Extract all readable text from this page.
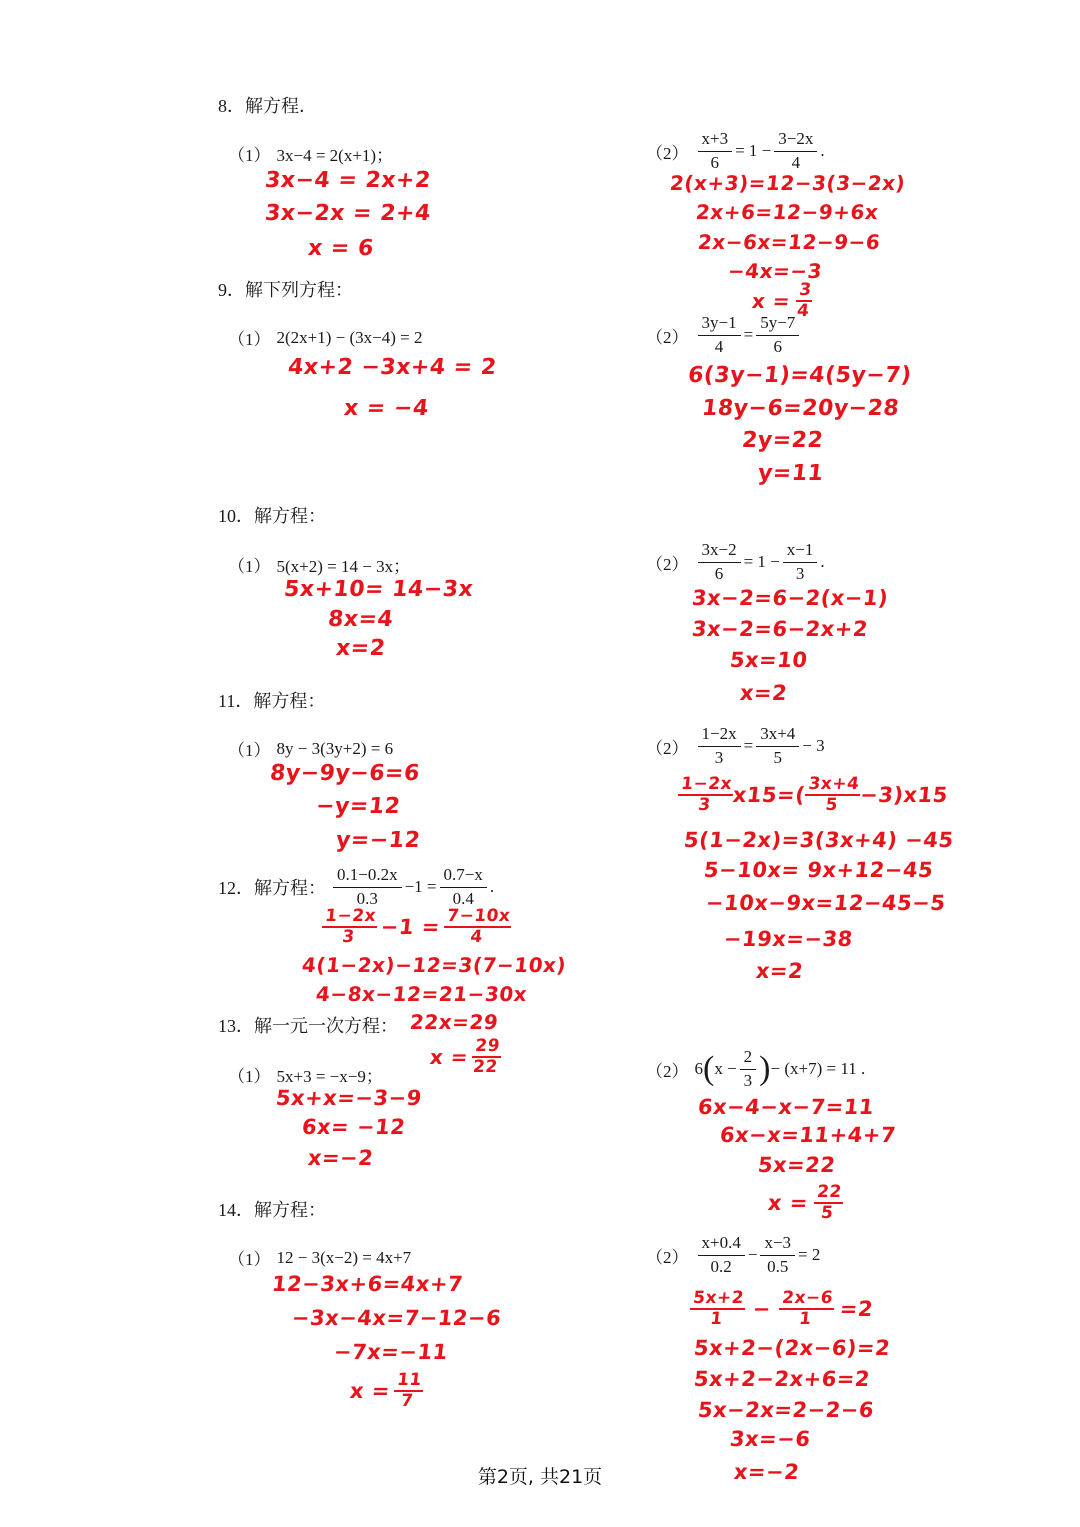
8．解方程．
9．解下列方程：
10．解方程：
11．解方程：
13．解一元一次方程：
14．解方程：
（1） 3x−4 = 2(x+1)；	$(2) \frac{x+3}{6} = 1 - \frac{3-2x}{4}$ .
（1） 2(2x+1) − (3x−4) = 2	$(2) \frac{3y-1}{4} = \frac{5y-7}{6}$
（1） 5(x+2) = 14 − 3x；	$(2) \frac{3x-2}{6} = 1 - \frac{x-1}{3}$ .
（1） 8y − 3(3y+2) = 6	$(2) \frac{1-2x}{3} = \frac{3x+4}{5} - 3$
12．解方程： $\frac{0.1-0.2x}{0.3} -1 = \frac{0.7-x}{0.4}$ .
（1） 5x+3 = −x−9；	（2） 6 ( $x - \frac{2}{3}$ ) − (x+7) = 11 .
（1） 12 − 3(x−2) = 4x+7	$(2) \frac{x+0.4}{0.2} - \frac{x-3}{0.5} = 2$
3x−4 = 2x+2
3x−2x = 2+4
x = 6
2(x+3)=12−3(3−2x)
2x+6=12−9+6x
2x−6x=12−9−6
−4x=−3
$x = \frac{3}{4}$
4x+2 −3x+4 = 2
x = −4
6(3y−1)=4(5y−7)
18y−6=20y−28
2y=22
y=11
5x+10= 14−3x
8x=4
x=2
3x−2=6−2(x−1)
3x−2=6−2x+2
5x=10
x=2
8y−9y−6=6
−y=12
y=−12
$\frac{1-2x}{3}$
x15=(
$\frac{3x+4}{5}$
−3)x15
5(1−2x)=3(3x+4) −45
5−10x= 9x+12−45
−10x−9x=12−45−5
−19x=−38
x=2
$\frac{1-2x}{3} -1 = \frac{7-10x}{4}$
4(1−2x)−12=3(7−10x)
4−8x−12=21−30x
22x=29
$x = \frac{29}{22}$
5x+x=−3−9
6x= −12
x=−2
6x−4−x−7=11
6x−x=11+4+7
5x=22
$x = \frac{22}{5}$
12−3x+6=4x+7
−3x−4x=7−12−6
−7x=−11
$x = \frac{11}{7}$
$\frac{5x+2}{1} - \frac{2x-6}{1} =2$
5x+2−(2x−6)=2
5x+2−2x+6=2
5x−2x=2−2−6
3x=−6
x=−2
第2页, 共21页
